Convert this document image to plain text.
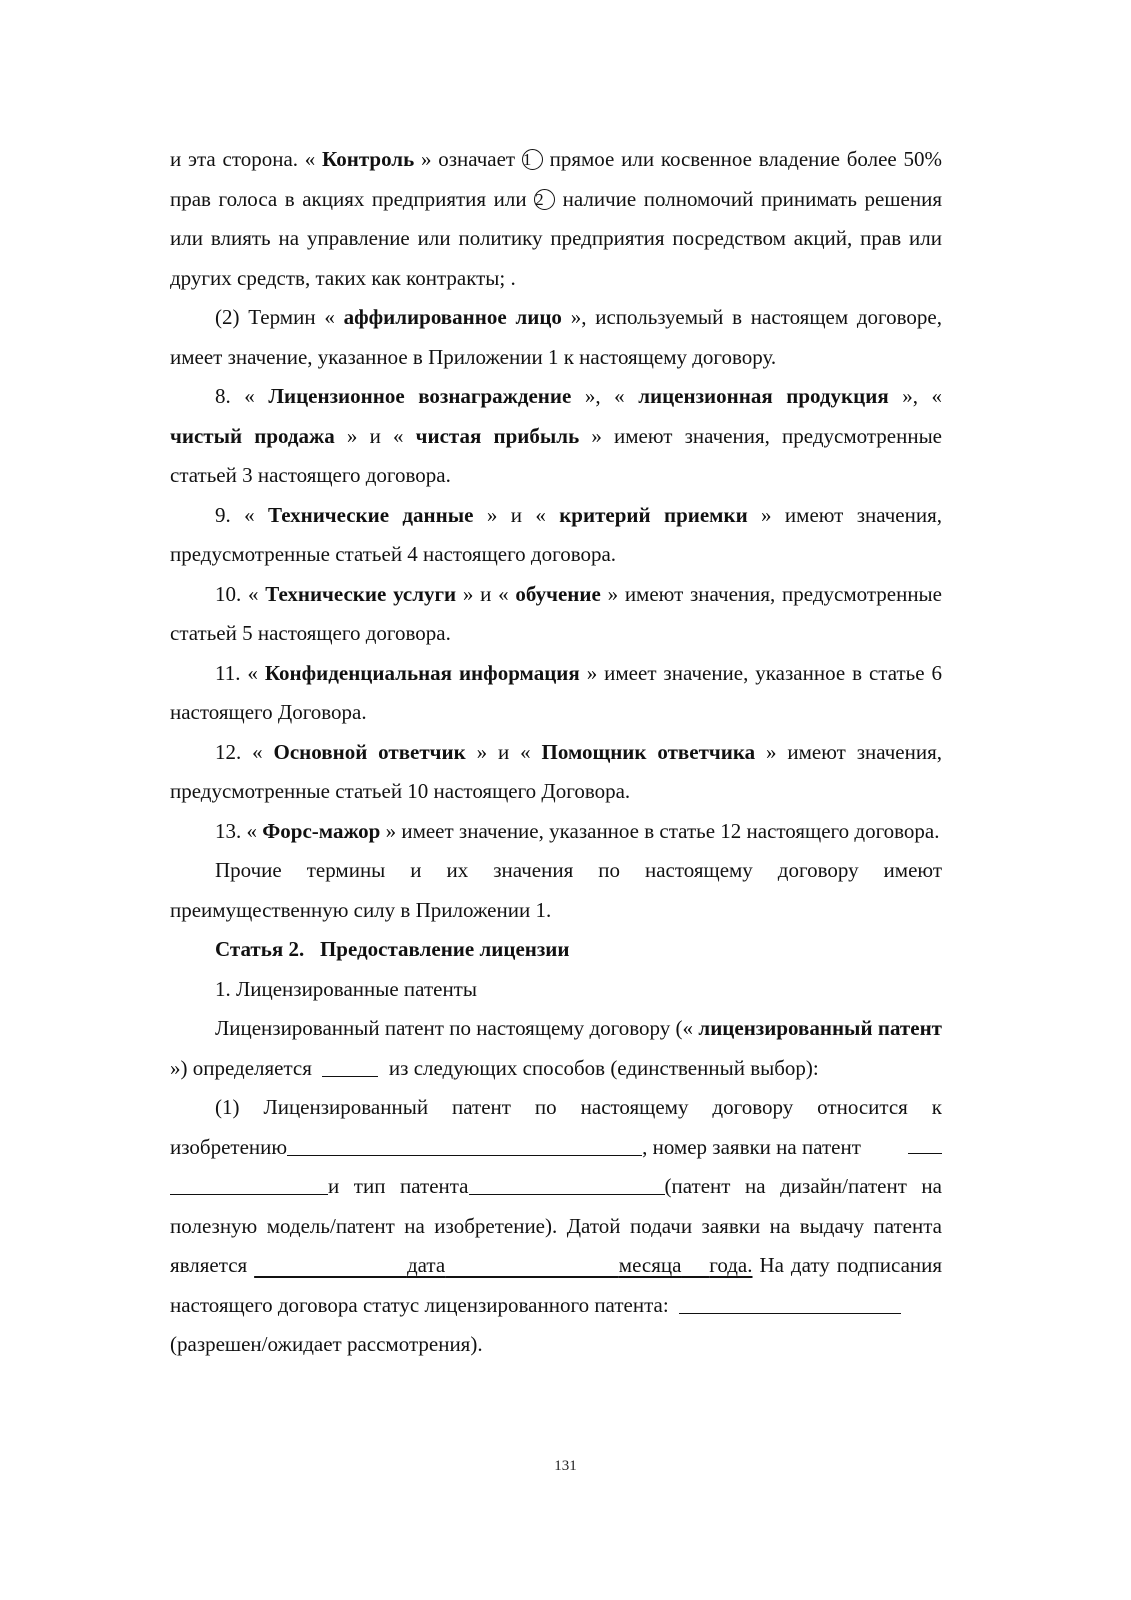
и эта сторона. « Контроль » означает 1 прямое или косвенное владение более 50% прав голоса в акциях предприятия или 2 наличие полномочий принимать решения или влиять на управление или политику предприятия посредством акций, прав или других средств, таких как контракты; .

(2) Термин « аффилированное лицо », используемый в настоящем договоре, имеет значение, указанное в Приложении 1 к настоящему договору.

8. « Лицензионное вознаграждение », « лицензионная продукция », « чистый продажа » и « чистая прибыль » имеют значения, предусмотренные статьей 3 настоящего договора.

9. « Технические данные » и « критерий приемки » имеют значения, предусмотренные статьей 4 настоящего договора.

10. « Технические услуги » и « обучение » имеют значения, предусмотренные статьей 5 настоящего договора.

11. « Конфиденциальная информация » имеет значение, указанное в статье 6 настоящего Договора.

12. « Основной ответчик » и « Помощник ответчика » имеют значения, предусмотренные статьей 10 настоящего Договора.

13. « Форс-мажор » имеет значение, указанное в статье 12 настоящего договора.

Прочие термины и их значения по настоящему договору имеют преимущественную силу в Приложении 1.

Статья 2.   Предоставление лицензии

1. Лицензированные патенты

Лицензированный патент по настоящему договору (« лицензированный патент ») определяется	из следующих способов (единственный выбор):

(1) Лицензированный патент по настоящему договору относится к

изобретению	, номер заявки на патент

и тип патента	(патент на дизайн/патент на полезную модель/патент на изобретение). Датой подачи заявки на выдачу патента является	дата	месяца года. На дату подписания настоящего договора статус лицензированного патента:

(разрешен/ожидает рассмотрения).

131
